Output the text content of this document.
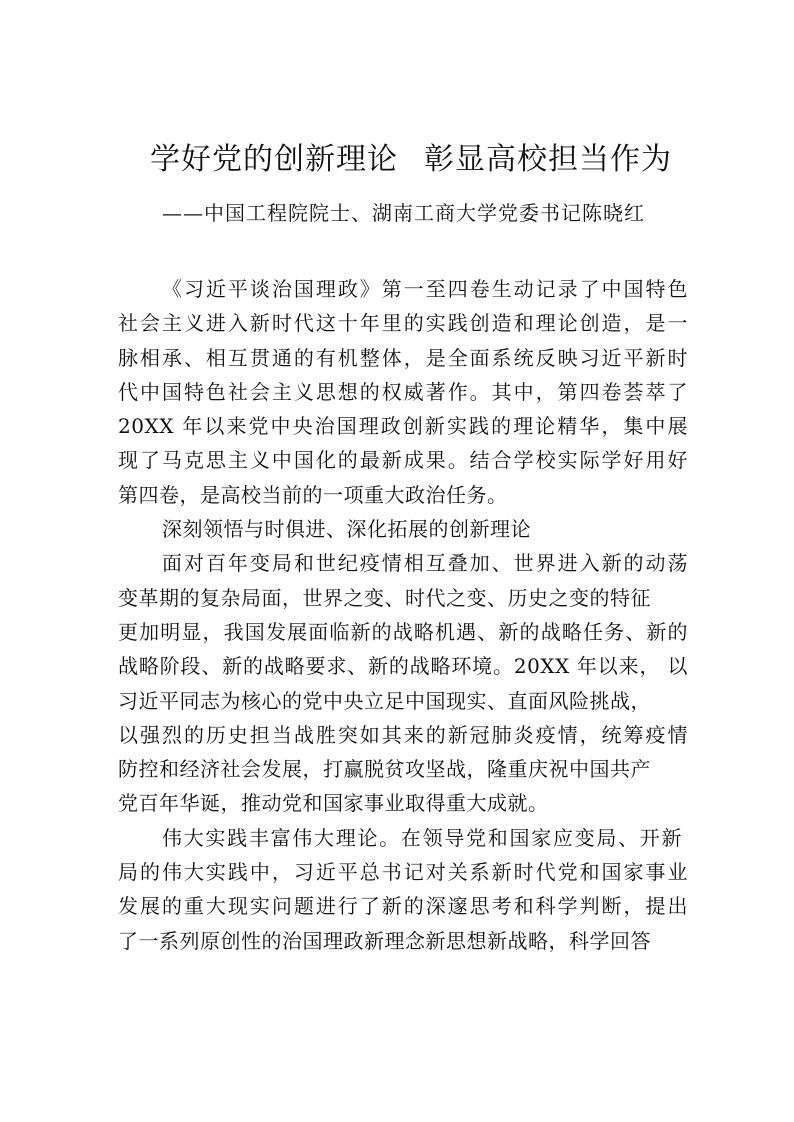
学好党的创新理论 彰显高校担当作为
——中国工程院院士、湖南工商大学党委书记陈晓红
《习近平谈治国理政》第一至四卷生动记录了中国特色
社会主义进入新时代这十年里的实践创造和理论创造，是一
脉相承、相互贯通的有机整体，是全面系统反映习近平新时
代中国特色社会主义思想的权威著作。其中，第四卷荟萃了
20XX 年以来党中央治国理政创新实践的理论精华，集中展
现了马克思主义中国化的最新成果。结合学校实际学好用好
第四卷，是高校当前的一项重大政治任务。
深刻领悟与时俱进、深化拓展的创新理论
面对百年变局和世纪疫情相互叠加、世界进入新的动荡
变革期的复杂局面，世界之变、时代之变、历史之变的特征
更加明显，我国发展面临新的战略机遇、新的战略任务、新的
战略阶段、新的战略要求、新的战略环境。20XX 年以来， 以
习近平同志为核心的党中央立足中国现实、直面风险挑战，
以强烈的历史担当战胜突如其来的新冠肺炎疫情，统筹疫情
防控和经济社会发展，打赢脱贫攻坚战，隆重庆祝中国共产
党百年华诞，推动党和国家事业取得重大成就。
伟大实践丰富伟大理论。在领导党和国家应变局、开新
局的伟大实践中，习近平总书记对关系新时代党和国家事业
发展的重大现实问题进行了新的深邃思考和科学判断，提出
了一系列原创性的治国理政新理念新思想新战略，科学回答
